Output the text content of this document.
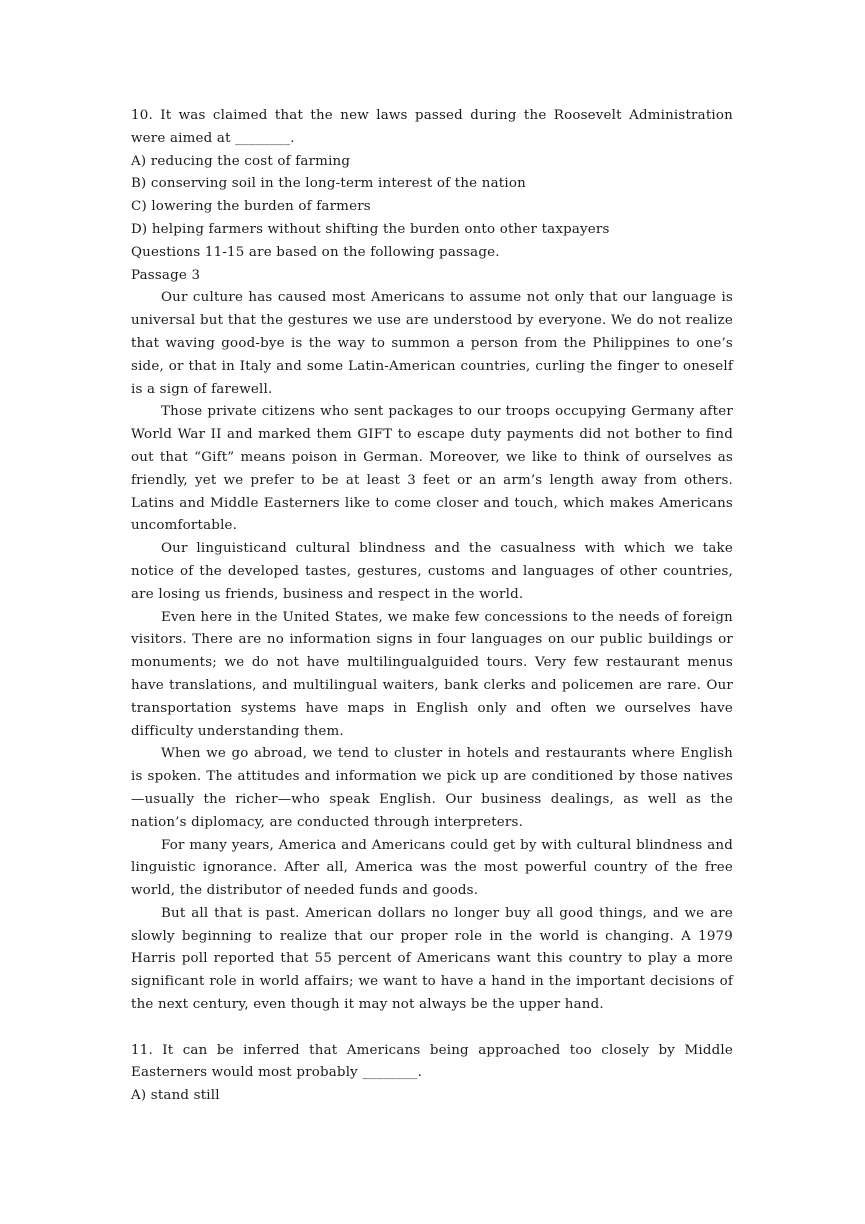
10. It was claimed that the new laws passed during the Roosevelt Administration were aimed at ________.
A) reducing the cost of farming
B) conserving soil in the long-term interest of the nation
C) lowering the burden of farmers
D) helping farmers without shifting the burden onto other taxpayers
Questions 11-15 are based on the following passage.
Passage 3
Our culture has caused most Americans to assume not only that our language is universal but that the gestures we use are understood by everyone. We do not realize that waving good-bye is the way to summon a person from the Philippines to one’s side, or that in Italy and some Latin-American countries, curling the finger to oneself is a sign of farewell.
Those private citizens who sent packages to our troops occupying Germany after World War II and marked them GIFT to escape duty payments did not bother to find out that “Gift” means poison in German. Moreover, we like to think of ourselves as friendly, yet we prefer to be at least 3 feet or an arm’s length away from others. Latins and Middle Easterners like to come closer and touch, which makes Americans uncomfortable.
Our linguisticand cultural blindness and the casualness with which we take notice of the developed tastes, gestures, customs and languages of other countries, are losing us friends, business and respect in the world.
Even here in the United States, we make few concessions to the needs of foreign visitors. There are no information signs in four languages on our public buildings or monuments; we do not have multilingualguided tours. Very few restaurant menus have translations, and multilingual waiters, bank clerks and policemen are rare. Our transportation systems have maps in English only and often we ourselves have difficulty understanding them.
When we go abroad, we tend to cluster in hotels and restaurants where English is spoken. The attitudes and information we pick up are conditioned by those natives—usually the richer—who speak English. Our business dealings, as well as the nation’s diplomacy, are conducted through interpreters.
For many years, America and Americans could get by with cultural blindness and linguistic ignorance. After all, America was the most powerful country of the free world, the distributor of needed funds and goods.
But all that is past. American dollars no longer buy all good things, and we are slowly beginning to realize that our proper role in the world is changing. A 1979 Harris poll reported that 55 percent of Americans want this country to play a more significant role in world affairs; we want to have a hand in the important decisions of the next century, even though it may not always be the upper hand.
11. It can be inferred that Americans being approached too closely by Middle Easterners would most probably ________.
A) stand still
